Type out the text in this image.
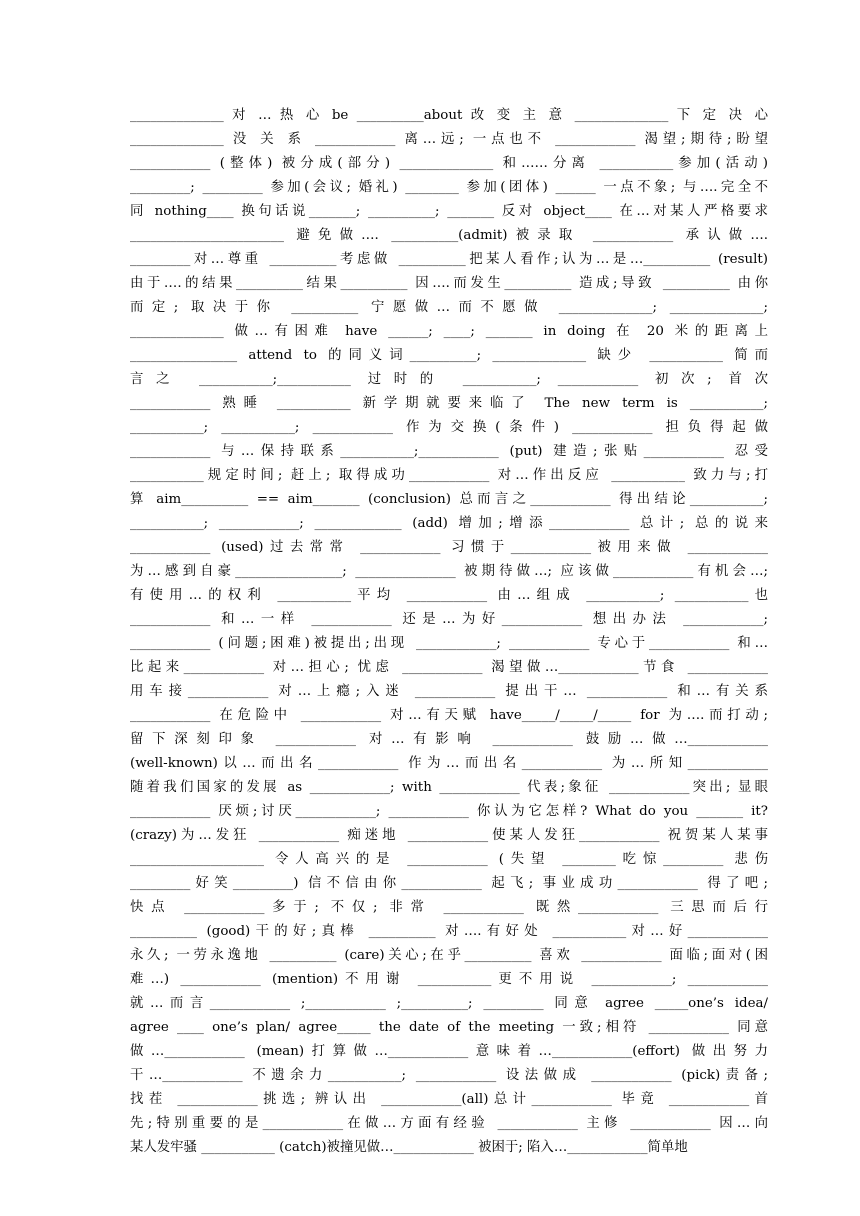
______________ 对 … 热 心 be __________about 改 变 主 意 ______________ 下 定 决 心
______________ 没 关 系 ____________ 离…远; 一点也不 ____________ 渴望;期待;盼望
____________ (整体) 被分成(部分) ______________ 和……分离 ___________参加(活动)
_________; _________ 参加(会议; 婚礼) ________ 参加(团体) ______ 一点不象; 与….完全不
同 nothing____ 换句话说_______; __________; _______ 反对 object____ 在…对某人严格要求
_______________________ 避免做…. __________(admit)被录取 ____________ 承认做….
_________对…尊重 __________考虑做 __________把某人看作;认为…是…__________ (result)
由于….的结果__________结果__________ 因….而发生__________ 造成;导致 __________ 由你
而定; 取决于你 __________ 宁愿做…而不愿做 ______________; ______________;
______________ 做…有困难 have ______; ____; _______ in doing 在 20 米的距离上
________________ attend to 的同义词__________; ______________ 缺少 ___________ 简而
言之 ___________;___________ 过时的 ___________; ____________ 初次; 首次
____________ 熟睡 ___________ 新学期就要来临了 The new term is ___________;
___________; ___________; ____________ 作为交换(条件) ____________ 担负得起做
____________ 与…保持联系___________;____________ (put) 建造;张贴____________ 忍受
___________规定时间; 赶上; 取得成功____________ 对…作出反应 ___________ 致力与;打
算 aim__________ == aim_______ (conclusion) 总而言之____________ 得出结论___________;
___________; ____________; _____________ (add) 增加;增添____________ 总计; 总的说来
____________ (used)过去常常 ____________ 习惯于____________被用来做 ____________
为…感到自豪________________; _______________ 被期待做…; 应该做____________有机会…;
有使用…的权利 ___________平均 ____________ 由…组成 ___________; ___________也
____________ 和…一样 ____________ 还是…为好____________ 想出办法 ____________;
____________ (问题;困难)被提出;出现 ____________; ____________ 专心于____________ 和…
比起来____________ 对…担心; 忧虑 ____________ 渴望做…____________节食 ____________
用车接____________ 对…上瘾;入迷 ____________ 提出干… ____________ 和…有关系
____________ 在危险中 ____________ 对…有天赋 have_____/_____/_____ for 为….而打动;
留下深刻印象 ____________ 对…有影响 ____________ 鼓励…做…____________
(well-known)以…而出名____________ 作为…而出名____________ 为…所知____________
随着我们国家的发展 as ____________; with ____________ 代表;象征 ____________突出; 显眼
____________ 厌烦;讨厌____________; ____________ 你认为它怎样? What do you _______ it?
(crazy)为…发狂 ____________ 痴迷地 ____________使某人发狂____________ 祝贺某人某事
____________________ 令人高兴的是 ____________ (失望 ________吃惊_________ 悲伤
_________好笑_________) 信不信由你____________ 起飞; 事业成功____________ 得了吧;
快点 ____________多于; 不仅; 非常 ____________ 既然____________ 三思而后行
__________ (good)干的好;真棒 __________ 对….有好处 ___________对…好____________
永久; 一劳永逸地 __________ (care)关心;在乎__________ 喜欢 ____________ 面临;面对(困
难…) ____________ (mention)不用谢 ___________更不用说 ____________; ____________
就…而言____________ ;____________ ;__________; _________ 同意 agree _____one’s idea/
agree ____ one’s plan/ agree_____ the date of the meeting 一致;相符 ____________ 同意
做…____________ (mean)打算做…____________意味着…____________(effort) 做出努力
干…____________ 不遗余力___________; ____________ 设法做成 ____________ (pick)责备;
找茬 ____________挑选; 辨认出 ____________(all)总计____________ 毕竟 ____________首
先;特别重要的是____________在做…方面有经验 ____________ 主修 ____________ 因…向
某人发牢骚 ___________ (catch)被撞见做…____________ 被困于; 陷入…____________简单地
